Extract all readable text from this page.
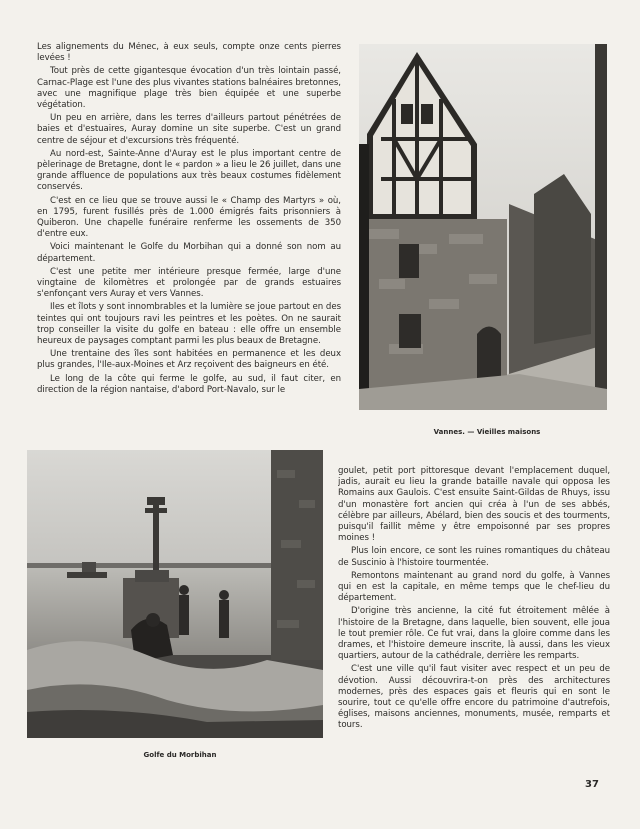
Les alignements du Ménec, à eux seuls, compte onze cents pierres levées !

Tout près de cette gigantesque évocation d'un très lointain passé, Carnac-Plage est l'une des plus vivantes stations balnéaires bretonnes, avec une magnifique plage très bien équipée et une superbe végétation.

Un peu en arrière, dans les terres d'ailleurs partout pénétrées de baies et d'estuaires, Auray domine un site superbe. C'est un grand centre de séjour et d'excursions très fréquenté.

Au nord-est, Sainte-Anne d'Auray est le plus important centre de pèlerinage de Bretagne, dont le « pardon » a lieu le 26 juillet, dans une grande affluence de populations aux très beaux costumes fidèlement conservés.

C'est en ce lieu que se trouve aussi le « Champ des Martyrs » où, en 1795, furent fusillés près de 1.000 émigrés faits prisonniers à Quiberon. Une chapelle funéraire renferme les ossements de 350 d'entre eux.

Voici maintenant le Golfe du Morbihan qui a donné son nom au département.

C'est une petite mer intérieure presque fermée, large d'une vingtaine de kilomètres et prolongée par de grands estuaires s'enfonçant vers Auray et vers Vannes.

Iles et îlots y sont innombrables et la lumière se joue partout en des teintes qui ont toujours ravi les peintres et les poètes. On ne saurait trop conseiller la visite du golfe en bateau : elle offre un ensemble heureux de paysages comptant parmi les plus beaux de Bretagne.

Une trentaine des îles sont habitées en permanence et les deux plus grandes, l'Ile-aux-Moines et Arz reçoivent des baigneurs en été.

Le long de la côte qui ferme le golfe, au sud, il faut citer, en direction de la région nantaise, d'abord Port-Navalo, sur le

Vannes. — Vieilles maisons
Golfe du Morbihan

goulet, petit port pittoresque devant l'emplacement duquel, jadis, aurait eu lieu la grande bataille navale qui opposa les Romains aux Gaulois. C'est ensuite Saint-Gildas de Rhuys, issu d'un monastère fort ancien qui créa à l'un de ses abbés, célèbre par ailleurs, Abélard, bien des soucis et des tourments, puisqu'il faillit même y être empoisonné par ses propres moines !

Plus loin encore, ce sont les ruines romantiques du château de Suscinio à l'histoire tourmentée.

Remontons maintenant au grand nord du golfe, à Vannes qui en est la capitale, en même temps que le chef-lieu du département.

D'origine très ancienne, la cité fut étroitement mêlée à l'histoire de la Bretagne, dans laquelle, bien souvent, elle joua le tout premier rôle. Ce fut vrai, dans la gloire comme dans les drames, et l'histoire demeure inscrite, là aussi, dans les vieux quartiers, autour de la cathédrale, derrière les remparts.

C'est une ville qu'il faut visiter avec respect et un peu de dévotion. Aussi découvrira-t-on près des architectures modernes, près des espaces gais et fleuris qui en sont le sourire, tout ce qu'elle offre encore du patrimoine d'autrefois, églises, maisons anciennes, monuments, musée, remparts et tours.

37
